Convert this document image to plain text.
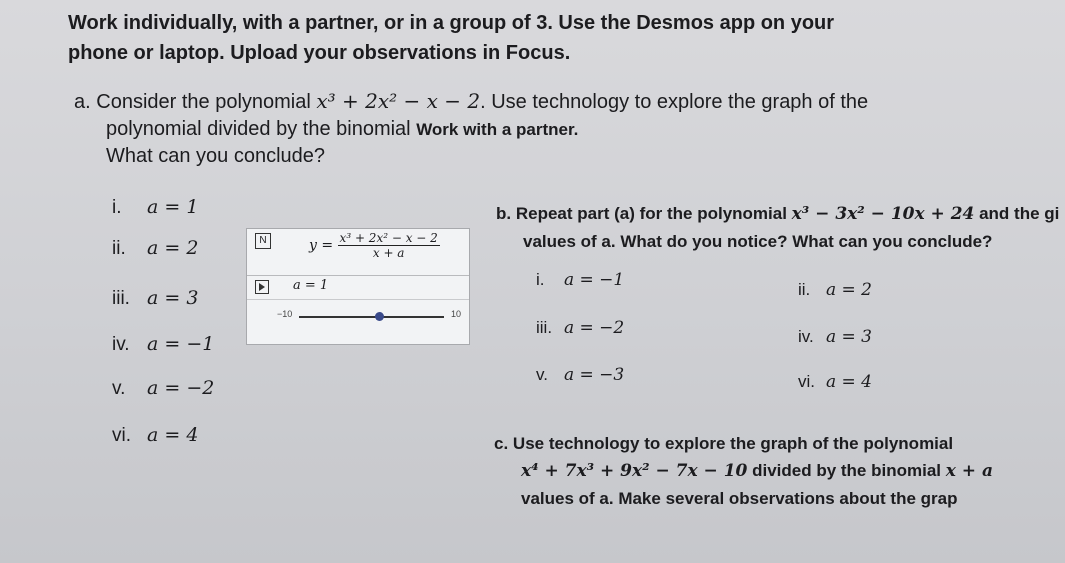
Work individually, with a partner, or in a group of 3. Use the Desmos app on your
phone or laptop. Upload your observations in Focus.
a. Consider the polynomial x³ + 2x² − x − 2. Use technology to explore the graph of the
polynomial divided by the binomial Work with a partner.
What can you conclude?
i. a = 1
ii. a = 2
iii. a = 3
iv. a = −1
v. a = −2
vi. a = 4
N	$y = \frac{\text{x³ + 2x² − x − 2}}{x + a}$
a = 1
−10	10
b. Repeat part (a) for the polynomial x³ − 3x² − 10x + 24 and the gi
values of a. What do you notice? What can you conclude?
i. a = −1	ii. a = 2
iii. a = −2	iv. a = 3
v. a = −3	vi. a = 4
c. Use technology to explore the graph of the polynomial
x⁴ + 7x³ + 9x² − 7x − 10 divided by the binomial x + a
values of a. Make several observations about the grap
